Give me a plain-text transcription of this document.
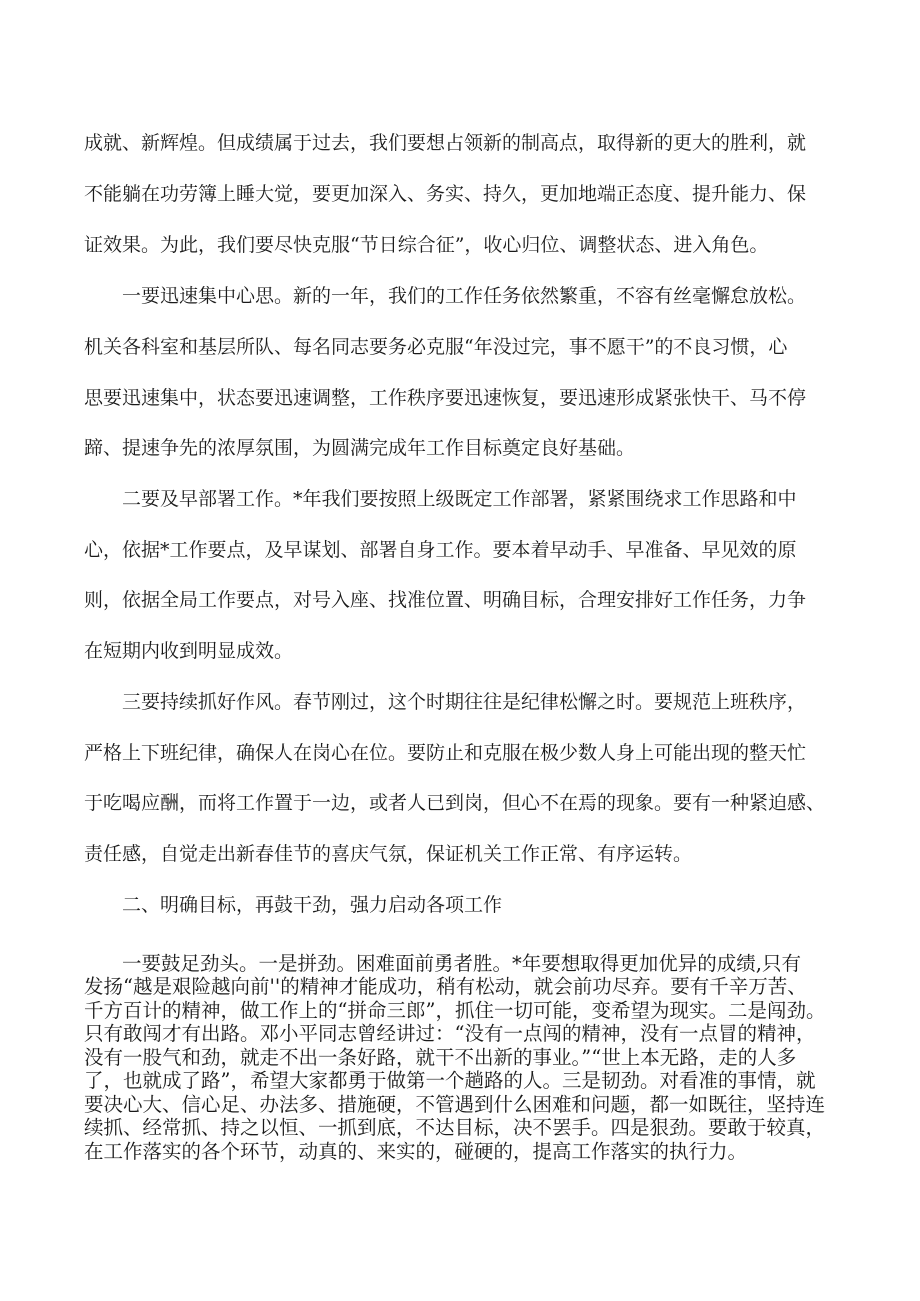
成就、新辉煌。但成绩属于过去，我们要想占领新的制高点，取得新的更大的胜利，就
不能躺在功劳簿上睡大觉，要更加深入、务实、持久，更加地端正态度、提升能力、保
证效果。为此，我们要尽快克服“节日综合征”，收心归位、调整状态、进入角色。
一要迅速集中心思。新的一年，我们的工作任务依然繁重，不容有丝毫懈怠放松。
机关各科室和基层所队、每名同志要务必克服“年没过完，事不愿干”的不良习惯，心
思要迅速集中，状态要迅速调整，工作秩序要迅速恢复，要迅速形成紧张快干、马不停
蹄、提速争先的浓厚氛围，为圆满完成年工作目标奠定良好基础。
二要及早部署工作。*年我们要按照上级既定工作部署，紧紧围绕求工作思路和中
心，依据*工作要点，及早谋划、部署自身工作。要本着早动手、早准备、早见效的原
则，依据全局工作要点，对号入座、找准位置、明确目标，合理安排好工作任务，力争
在短期内收到明显成效。
三要持续抓好作风。春节刚过，这个时期往往是纪律松懈之时。要规范上班秩序，
严格上下班纪律，确保人在岗心在位。要防止和克服在极少数人身上可能出现的整天忙
于吃喝应酬，而将工作置于一边，或者人已到岗，但心不在焉的现象。要有一种紧迫感、
责任感，自觉走出新春佳节的喜庆气氛，保证机关工作正常、有序运转。
二、明确目标，再鼓干劲，强力启动各项工作
一要鼓足劲头。一是拼劲。困难面前勇者胜。*年要想取得更加优异的成绩,只有
发扬“越是艰险越向前''的精神才能成功，稍有松动，就会前功尽弃。要有千辛万苦、
千方百计的精神，做工作上的“拼命三郎”，抓住一切可能，变希望为现实。二是闯劲。
只有敢闯才有出路。邓小平同志曾经讲过：“没有一点闯的精神，没有一点冒的精神，
没有一股气和劲，就走不出一条好路，就干不出新的事业。”“世上本无路，走的人多
了，也就成了路”，希望大家都勇于做第一个趟路的人。三是韧劲。对看准的事情，就
要决心大、信心足、办法多、措施硬，不管遇到什么困难和问题，都一如既往，坚持连
续抓、经常抓、持之以恒、一抓到底，不达目标，决不罢手。四是狠劲。要敢于较真，
在工作落实的各个环节，动真的、来实的，碰硬的，提高工作落实的执行力。
